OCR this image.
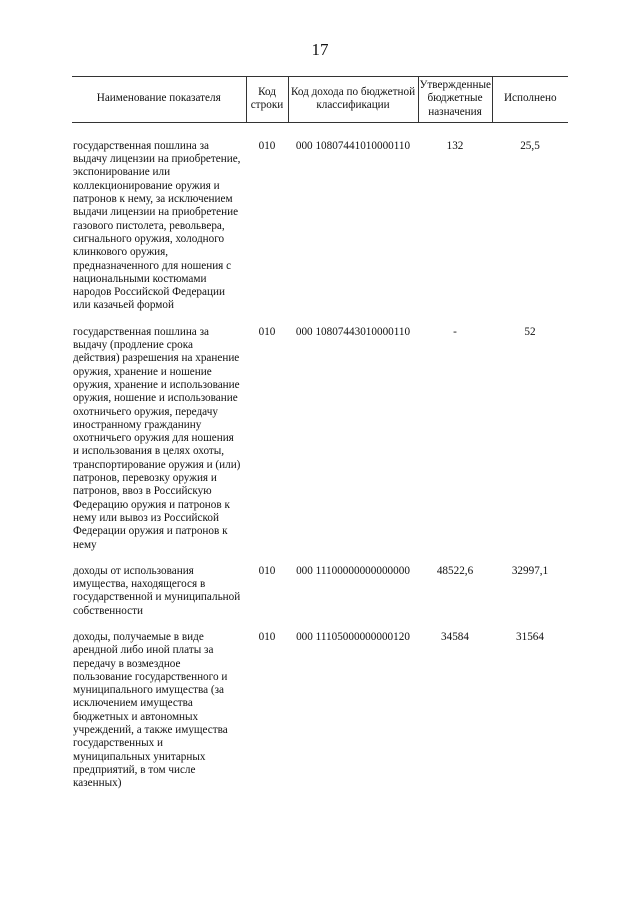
17
Наименование показателя	Код строки	Код дохода по бюджетной классификации	Утвержденные бюджетные назначения	Исполнено
государственная пошлина за выдачу лицензии на приобретение, экспонирование или коллекционирование оружия и патронов к нему, за исключением выдачи лицензии на приобретение газового пистолета, револьвера, сигнального оружия, холодного клинкового оружия, предназначенного для ношения с национальными костюмами народов Российской Федерации или казачьей формой	010	000 10807441010000110	132	25,5

государственная пошлина за выдачу (продление срока действия) разрешения на хранение оружия, хранение и ношение оружия, хранение и использование оружия, ношение и использование охотничьего оружия, передачу иностранному гражданину охотничьего оружия для ношения и использования в целях охоты, транспортирование оружия и (или) патронов, перевозку оружия и патронов, ввоз в Российскую Федерацию оружия и патронов к нему или вывоз из Российской Федерации оружия и патронов к нему	010	000 10807443010000110	-	52

доходы от использования имущества, находящегося в государственной и муниципальной собственности	010	000 11100000000000000	48522,6	32997,1

доходы, получаемые в виде арендной либо иной платы за передачу в возмездное пользование государственного и муниципального имущества (за исключением имущества бюджетных и автономных учреждений, а также имущества государственных и муниципальных унитарных предприятий, в том числе казенных)	010	000 11105000000000120	34584	31564
